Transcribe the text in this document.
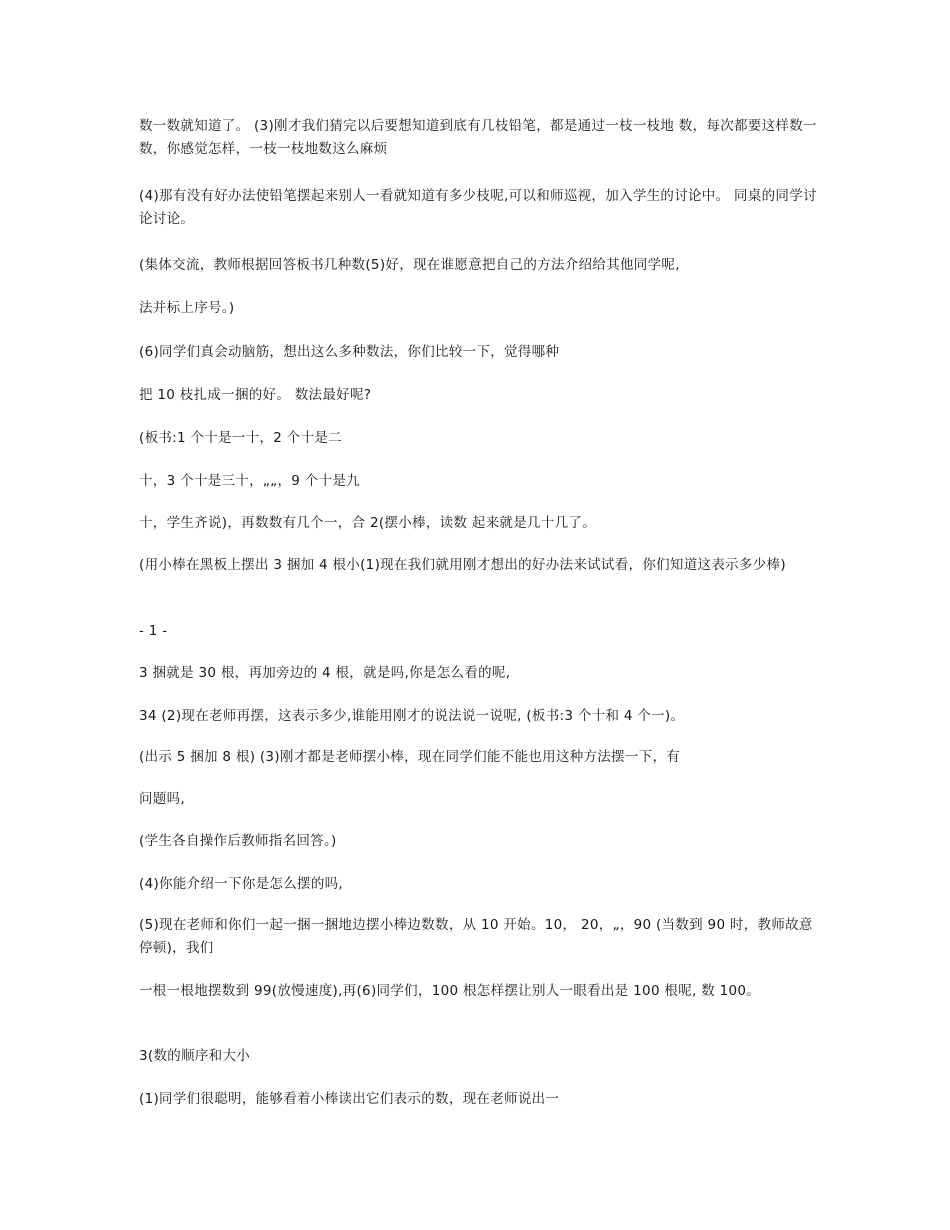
数一数就知道了。 (3)刚才我们猜完以后要想知道到底有几枝铅笔，都是通过一枝一枝地 数，每次都要这样数一数，你感觉怎样，一枝一枝地数这么麻烦

(4)那有没有好办法使铅笔摆起来别人一看就知道有多少枝呢,可以和师巡视，加入学生的讨论中。 同桌的同学讨论讨论。

(集体交流，教师根据回答板书几种数(5)好，现在谁愿意把自己的方法介绍给其他同学呢,

法并标上序号。)

(6)同学们真会动脑筋，想出这么多种数法，你们比较一下，觉得哪种

把 10 枝扎成一捆的好。 数法最好呢?

(板书:1 个十是一十，2 个十是二

十，3 个十是三十，„„，9 个十是九

十，学生齐说)，再数数有几个一，合 2(摆小棒，读数 起来就是几十几了。

(用小棒在黑板上摆出 3 捆加 4 根小(1)现在我们就用刚才想出的好办法来试试看，你们知道这表示多少棒)

- 1 -

3 捆就是 30 根，再加旁边的 4 根，就是吗,你是怎么看的呢,

34 (2)现在老师再摆，这表示多少,谁能用刚才的说法说一说呢, (板书:3 个十和 4 个一)。

(出示 5 捆加 8 根) (3)刚才都是老师摆小棒，现在同学们能不能也用这种方法摆一下，有

问题吗,

(学生各自操作后教师指名回答。)

(4)你能介绍一下你是怎么摆的吗,

(5)现在老师和你们一起一捆一捆地边摆小棒边数数，从 10 开始。10， 20，„，90 (当数到 90 时，教师故意停顿)，我们

一根一根地摆数到 99(放慢速度),再(6)同学们，100 根怎样摆让别人一眼看出是 100 根呢, 数 100。

3(数的顺序和大小

(1)同学们很聪明，能够看着小棒读出它们表示的数，现在老师说出一
